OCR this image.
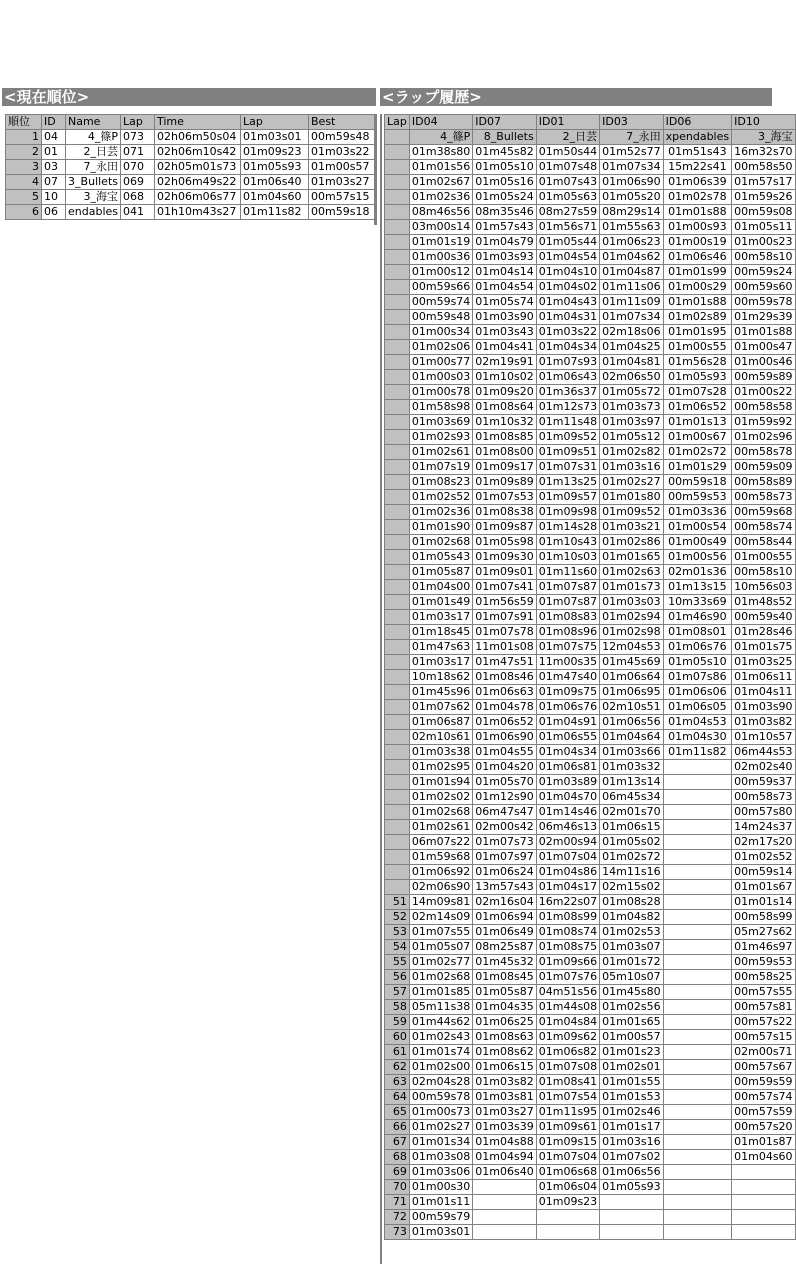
<現在順位>	<ラップ履歴>
順位	ID	Name	Lap	Time	Lap	Best
1	04	4_篠P	073	02h06m50s04	01m03s01	00m59s48
2	01	2_日芸	071	02h06m10s42	01m09s23	01m03s22
3	03	7_永田	070	02h05m01s73	01m05s93	01m00s57
4	07	3_Bullets	069	02h06m49s22	01m06s40	01m03s27
5	10	3_海宝	068	02h06m06s77	01m04s60	00m57s15
6	06	endables	041	01h10m43s27	01m11s82	00m59s18
Lap	ID04	ID07	ID01	ID03	ID06	ID10
	4_篠P	8_Bullets	2_日芸	7_永田	xpendables	3_海宝
	01m38s80	01m45s82	01m50s44	01m52s77	01m51s43	16m32s70
	01m01s56	01m05s10	01m07s48	01m07s34	15m22s41	00m58s50
	01m02s67	01m05s16	01m07s43	01m06s90	01m06s39	01m57s17
	01m02s36	01m05s24	01m05s63	01m05s20	01m02s78	01m59s26
	08m46s56	08m35s46	08m27s59	08m29s14	01m01s88	00m59s08
	03m00s14	01m57s43	01m56s71	01m55s63	01m00s93	01m05s11
	01m01s19	01m04s79	01m05s44	01m06s23	01m00s19	01m00s23
	01m00s36	01m03s93	01m04s54	01m04s62	01m06s46	00m58s10
	01m00s12	01m04s14	01m04s10	01m04s87	01m01s99	00m59s24
	00m59s66	01m04s54	01m04s02	01m11s06	01m00s29	00m59s60
	00m59s74	01m05s74	01m04s43	01m11s09	01m01s88	00m59s78
	00m59s48	01m03s90	01m04s31	01m07s34	01m02s89	01m29s39
	01m00s34	01m03s43	01m03s22	02m18s06	01m01s95	01m01s88
	01m02s06	01m04s41	01m04s34	01m04s25	01m00s55	01m00s47
	01m00s77	02m19s91	01m07s93	01m04s81	01m56s28	01m00s46
	01m00s03	01m10s02	01m06s43	02m06s50	01m05s93	00m59s89
	01m00s78	01m09s20	01m36s37	01m05s72	01m07s28	01m00s22
	01m58s98	01m08s64	01m12s73	01m03s73	01m06s52	00m58s58
	01m03s69	01m10s32	01m11s48	01m03s97	01m01s13	01m59s92
	01m02s93	01m08s85	01m09s52	01m05s12	01m00s67	01m02s96
	01m02s61	01m08s00	01m09s51	01m02s82	01m02s72	00m58s78
	01m07s19	01m09s17	01m07s31	01m03s16	01m01s29	00m59s09
	01m08s23	01m09s89	01m13s25	01m02s27	00m59s18	00m58s89
	01m02s52	01m07s53	01m09s57	01m01s80	00m59s53	00m58s73
	01m02s36	01m08s38	01m09s98	01m09s52	01m03s36	00m59s68
	01m01s90	01m09s87	01m14s28	01m03s21	01m00s54	00m58s74
	01m02s68	01m05s98	01m10s43	01m02s86	01m00s49	00m58s44
	01m05s43	01m09s30	01m10s03	01m01s65	01m00s56	01m00s55
	01m05s87	01m09s01	01m11s60	01m02s63	02m01s36	00m58s10
	01m04s00	01m07s41	01m07s87	01m01s73	01m13s15	10m56s03
	01m01s49	01m56s59	01m07s87	01m03s03	10m33s69	01m48s52
	01m03s17	01m07s91	01m08s83	01m02s94	01m46s90	00m59s40
	01m18s45	01m07s78	01m08s96	01m02s98	01m08s01	01m28s46
	01m47s63	11m01s08	01m07s75	12m04s53	01m06s76	01m01s75
	01m03s17	01m47s51	11m00s35	01m45s69	01m05s10	01m03s25
	10m18s62	01m08s46	01m47s40	01m06s64	01m07s86	01m06s11
	01m45s96	01m06s63	01m09s75	01m06s95	01m06s06	01m04s11
	01m07s62	01m04s78	01m06s76	02m10s51	01m06s05	01m03s90
	01m06s87	01m06s52	01m04s91	01m06s56	01m04s53	01m03s82
	02m10s61	01m06s90	01m06s55	01m04s64	01m04s30	01m10s57
	01m03s38	01m04s55	01m04s34	01m03s66	01m11s82	06m44s53
	01m02s95	01m04s20	01m06s81	01m03s32		02m02s40
	01m01s94	01m05s70	01m03s89	01m13s14		00m59s37
	01m02s02	01m12s90	01m04s70	06m45s34		00m58s73
	01m02s68	06m47s47	01m14s46	02m01s70		00m57s80
	01m02s61	02m00s42	06m46s13	01m06s15		14m24s37
	06m07s22	01m07s73	02m00s94	01m05s02		02m17s20
	01m59s68	01m07s97	01m07s04	01m02s72		01m02s52
	01m06s92	01m06s24	01m04s86	14m11s16		00m59s14
	02m06s90	13m57s43	01m04s17	02m15s02		01m01s67
51	14m09s81	02m16s04	16m22s07	01m08s28		01m01s14
52	02m14s09	01m06s94	01m08s99	01m04s82		00m58s99
53	01m07s55	01m06s49	01m08s74	01m02s53		05m27s62
54	01m05s07	08m25s87	01m08s75	01m03s07		01m46s97
55	01m02s77	01m45s32	01m09s66	01m01s72		00m59s53
56	01m02s68	01m08s45	01m07s76	05m10s07		00m58s25
57	01m01s85	01m05s87	04m51s56	01m45s80		00m57s55
58	05m11s38	01m04s35	01m44s08	01m02s56		00m57s81
59	01m44s62	01m06s25	01m04s84	01m01s65		00m57s22
60	01m02s43	01m08s63	01m09s62	01m00s57		00m57s15
61	01m01s74	01m08s62	01m06s82	01m01s23		02m00s71
62	01m02s00	01m06s15	01m07s08	01m02s01		00m57s67
63	02m04s28	01m03s82	01m08s41	01m01s55		00m59s59
64	00m59s78	01m03s81	01m07s54	01m01s53		00m57s74
65	01m00s73	01m03s27	01m11s95	01m02s46		00m57s59
66	01m02s27	01m03s39	01m09s61	01m01s17		00m57s20
67	01m01s34	01m04s88	01m09s15	01m03s16		01m01s87
68	01m03s08	01m04s94	01m07s04	01m07s02		01m04s60
69	01m03s06	01m06s40	01m06s68	01m06s56		
70	01m00s30		01m06s04	01m05s93		
71	01m01s11		01m09s23			
72	00m59s79					
73	01m03s01					
